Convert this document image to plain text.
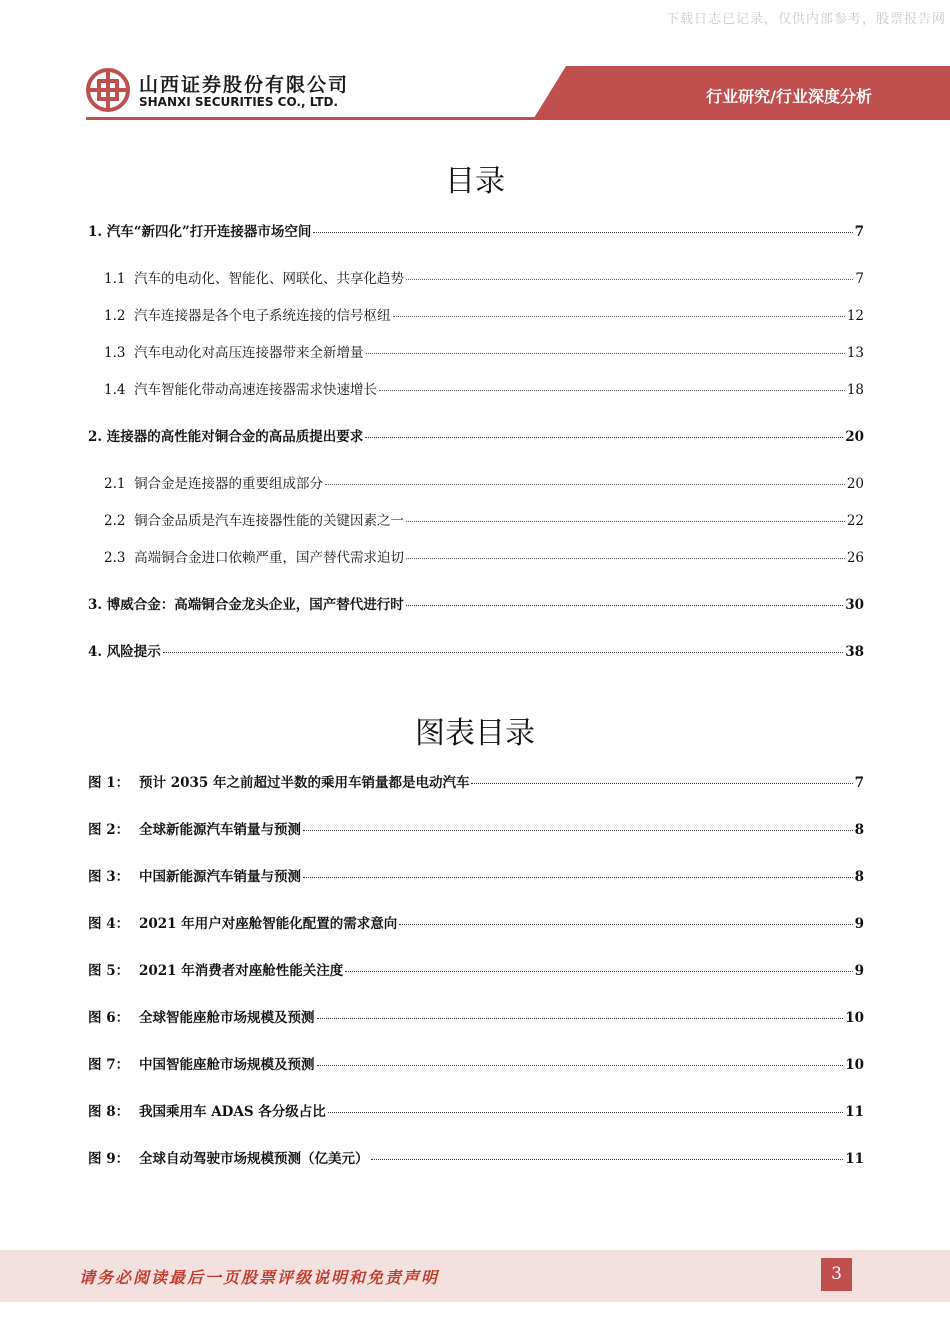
下载日志已记录，仅供内部参考，股票报告网
山西证券股份有限公司
SHANXI SECURITIES CO., LTD.	行业研究/行业深度分析
目录
1. 汽车“新四化”打开连接器市场空间	7
1.1 汽车的电动化、智能化、网联化、共享化趋势	7
1.2 汽车连接器是各个电子系统连接的信号枢纽	12
1.3 汽车电动化对高压连接器带来全新增量	13
1.4 汽车智能化带动高速连接器需求快速增长	18
2. 连接器的高性能对铜合金的高品质提出要求	20
2.1 铜合金是连接器的重要组成部分	20
2.2 铜合金品质是汽车连接器性能的关键因素之一	22
2.3 高端铜合金进口依赖严重，国产替代需求迫切	26
3. 博威合金：高端铜合金龙头企业，国产替代进行时	30
4. 风险提示	38
图表目录
图 1： 预计 2035 年之前超过半数的乘用车销量都是电动汽车	7
图 2： 全球新能源汽车销量与预测	8
图 3： 中国新能源汽车销量与预测	8
图 4： 2021 年用户对座舱智能化配置的需求意向	9
图 5： 2021 年消费者对座舱性能关注度	9
图 6： 全球智能座舱市场规模及预测	10
图 7： 中国智能座舱市场规模及预测	10
图 8： 我国乘用车 ADAS 各分级占比	11
图 9： 全球自动驾驶市场规模预测（亿美元）	11
请务必阅读最后一页股票评级说明和免责声明	3
